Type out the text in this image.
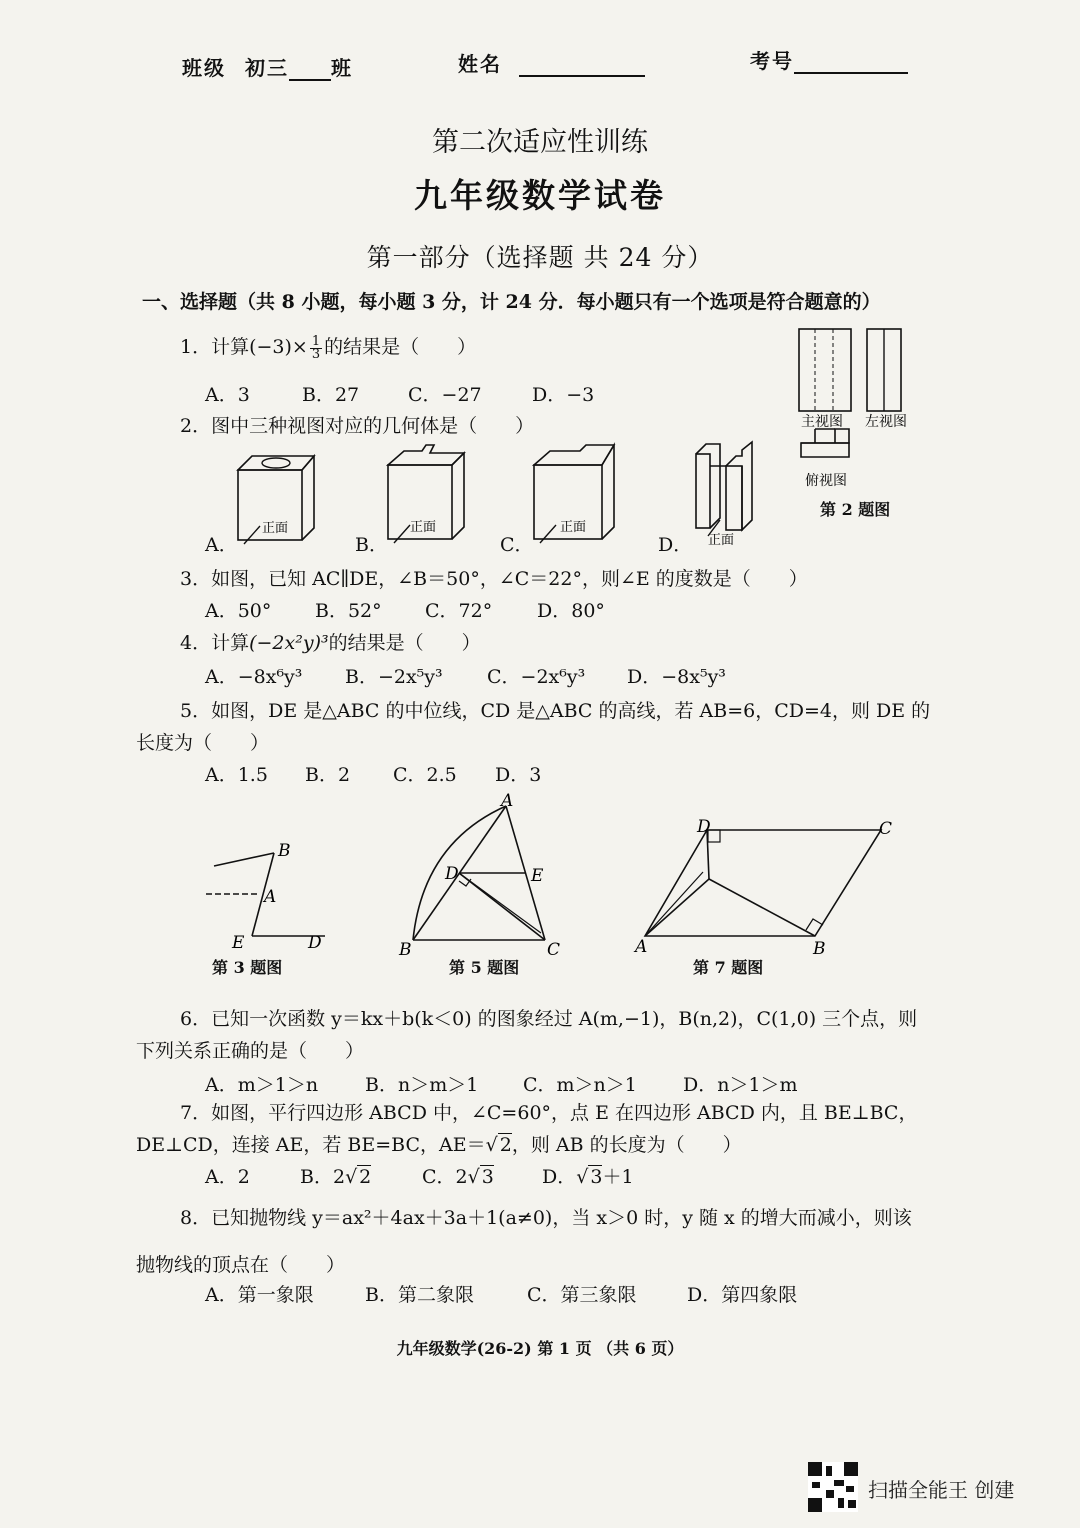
班级 初三 班	姓名	考号
第二次适应性训练
九年级数学试卷
第一部分（选择题 共 24 分）
一、选择题（共 8 小题，每小题 3 分，计 24 分．每小题只有一个选项是符合题意的）
1．计算$(-3)\times \frac{1}{3}$ 的结果是（　　）
A．3	B．27	C．−27	D．−3
主视图 左视图
俯视图
第 2 题图
2．图中三种视图对应的几何体是（　　）
A．
正面
B．
正面
C．
正面
D． 正面
3．如图，已知 AC∥DE，∠B＝50°，∠C＝22°，则∠E 的度数是（　　）
A．50° B．52° C．72° D．80°
4．计算(−2x²y)³的结果是（　　）
A．−8x⁶y³ B．−2x⁵y³ C．−2x⁶y³ D．−8x⁵y³
5．如图，DE 是△ABC 的中位线，CD 是△ABC 的高线，若 AB=6，CD=4，则 DE 的
长度为（　　）
A．1.5 B．2 C．2.5 D．3
B
A
E	D
第 3 题图
A
D	E
B	C
第 5 题图
D	C
A	B
第 7 题图
6．已知一次函数 y＝kx＋b(k＜0) 的图象经过 A(m,−1)，B(n,2)，C(1,0) 三个点，则
下列关系正确的是（　　）
A．m＞1＞n B．n＞m＞1 C．m＞n＞1 D．n＞1＞m
7．如图，平行四边形 ABCD 中，∠C=60°，点 E 在四边形 ABCD 内，且 BE⊥BC，
DE⊥CD，连接 AE，若 BE=BC，AE＝√ 2，则 AB 的长度为（　　）
A．2	B．2√ 2	C．2√ 3	D．√ 3＋1
8．已知抛物线 y＝ax²＋4ax＋3a＋1(a≠0)，当 x＞0 时，y 随 x 的增大而减小，则该
抛物线的顶点在（　　）
A．第一象限	B．第二象限	C．第三象限	D．第四象限
九年级数学(26-2) 第 1 页 （共 6 页）
扫描全能王 创建
